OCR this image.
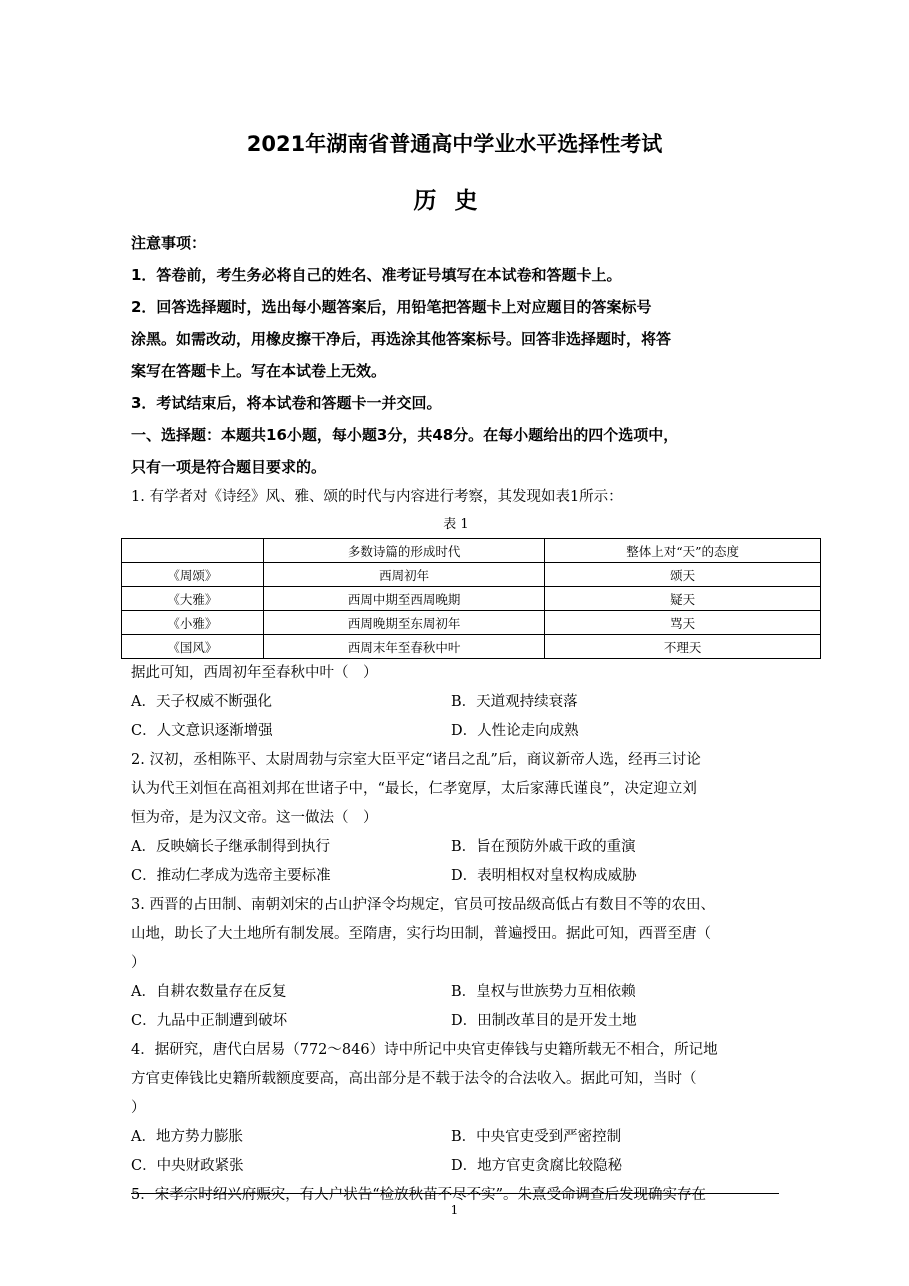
2021年湖南省普通高中学业水平选择性考试
历史
注意事项：
1．答卷前，考生务必将自己的姓名、准考证号填写在本试卷和答题卡上。
2．回答选择题时，选出每小题答案后，用铅笔把答题卡上对应题目的答案标号
涂黑。如需改动，用橡皮擦干净后，再选涂其他答案标号。回答非选择题时，将答
案写在答题卡上。写在本试卷上无效。
3．考试结束后，将本试卷和答题卡一并交回。
一、选择题：本题共16小题，每小题3分，共48分。在每小题给出的四个选项中，
只有一项是符合题目要求的。
1. 有学者对《诗经》风、雅、颂的时代与内容进行考察，其发现如表1所示：
表 1
	多数诗篇的形成时代	整体上对“天”的态度
《周颂》	西周初年	颂天
《大雅》	西周中期至西周晚期	疑天
《小雅》	西周晚期至东周初年	骂天
《国风》	西周末年至春秋中叶	不理天
据此可知，西周初年至春秋中叶（　）
A．天子权威不断强化	B．天道观持续衰落
C．人文意识逐渐增强	D．人性论走向成熟
2. 汉初，丞相陈平、太尉周勃与宗室大臣平定“诸吕之乱”后，商议新帝人选，经再三讨论
认为代王刘恒在高祖刘邦在世诸子中，“最长，仁孝宽厚，太后家薄氏谨良”，决定迎立刘
恒为帝，是为汉文帝。这一做法（　）
A．反映嫡长子继承制得到执行	B．旨在预防外戚干政的重演
C．推动仁孝成为选帝主要标准	D．表明相权对皇权构成威胁
3. 西晋的占田制、南朝刘宋的占山护泽令均规定，官员可按品级高低占有数目不等的农田、
山地，助长了大土地所有制发展。至隋唐，实行均田制，普遍授田。据此可知，西晋至唐（
）
A．自耕农数量存在反复	B．皇权与世族势力互相依赖
C．九品中正制遭到破坏	D．田制改革目的是开发土地
4．据研究，唐代白居易（772～846）诗中所记中央官吏俸钱与史籍所载无不相合，所记地
方官吏俸钱比史籍所载额度要高，高出部分是不载于法令的合法收入。据此可知，当时（
）
A．地方势力膨胀	B．中央官吏受到严密控制
C．中央财政紧张	D．地方官吏贪腐比较隐秘
5．宋孝宗时绍兴府赈灾，有人户状告“检放秋苗不尽不实”。朱熹受命调查后发现确实存在
1
